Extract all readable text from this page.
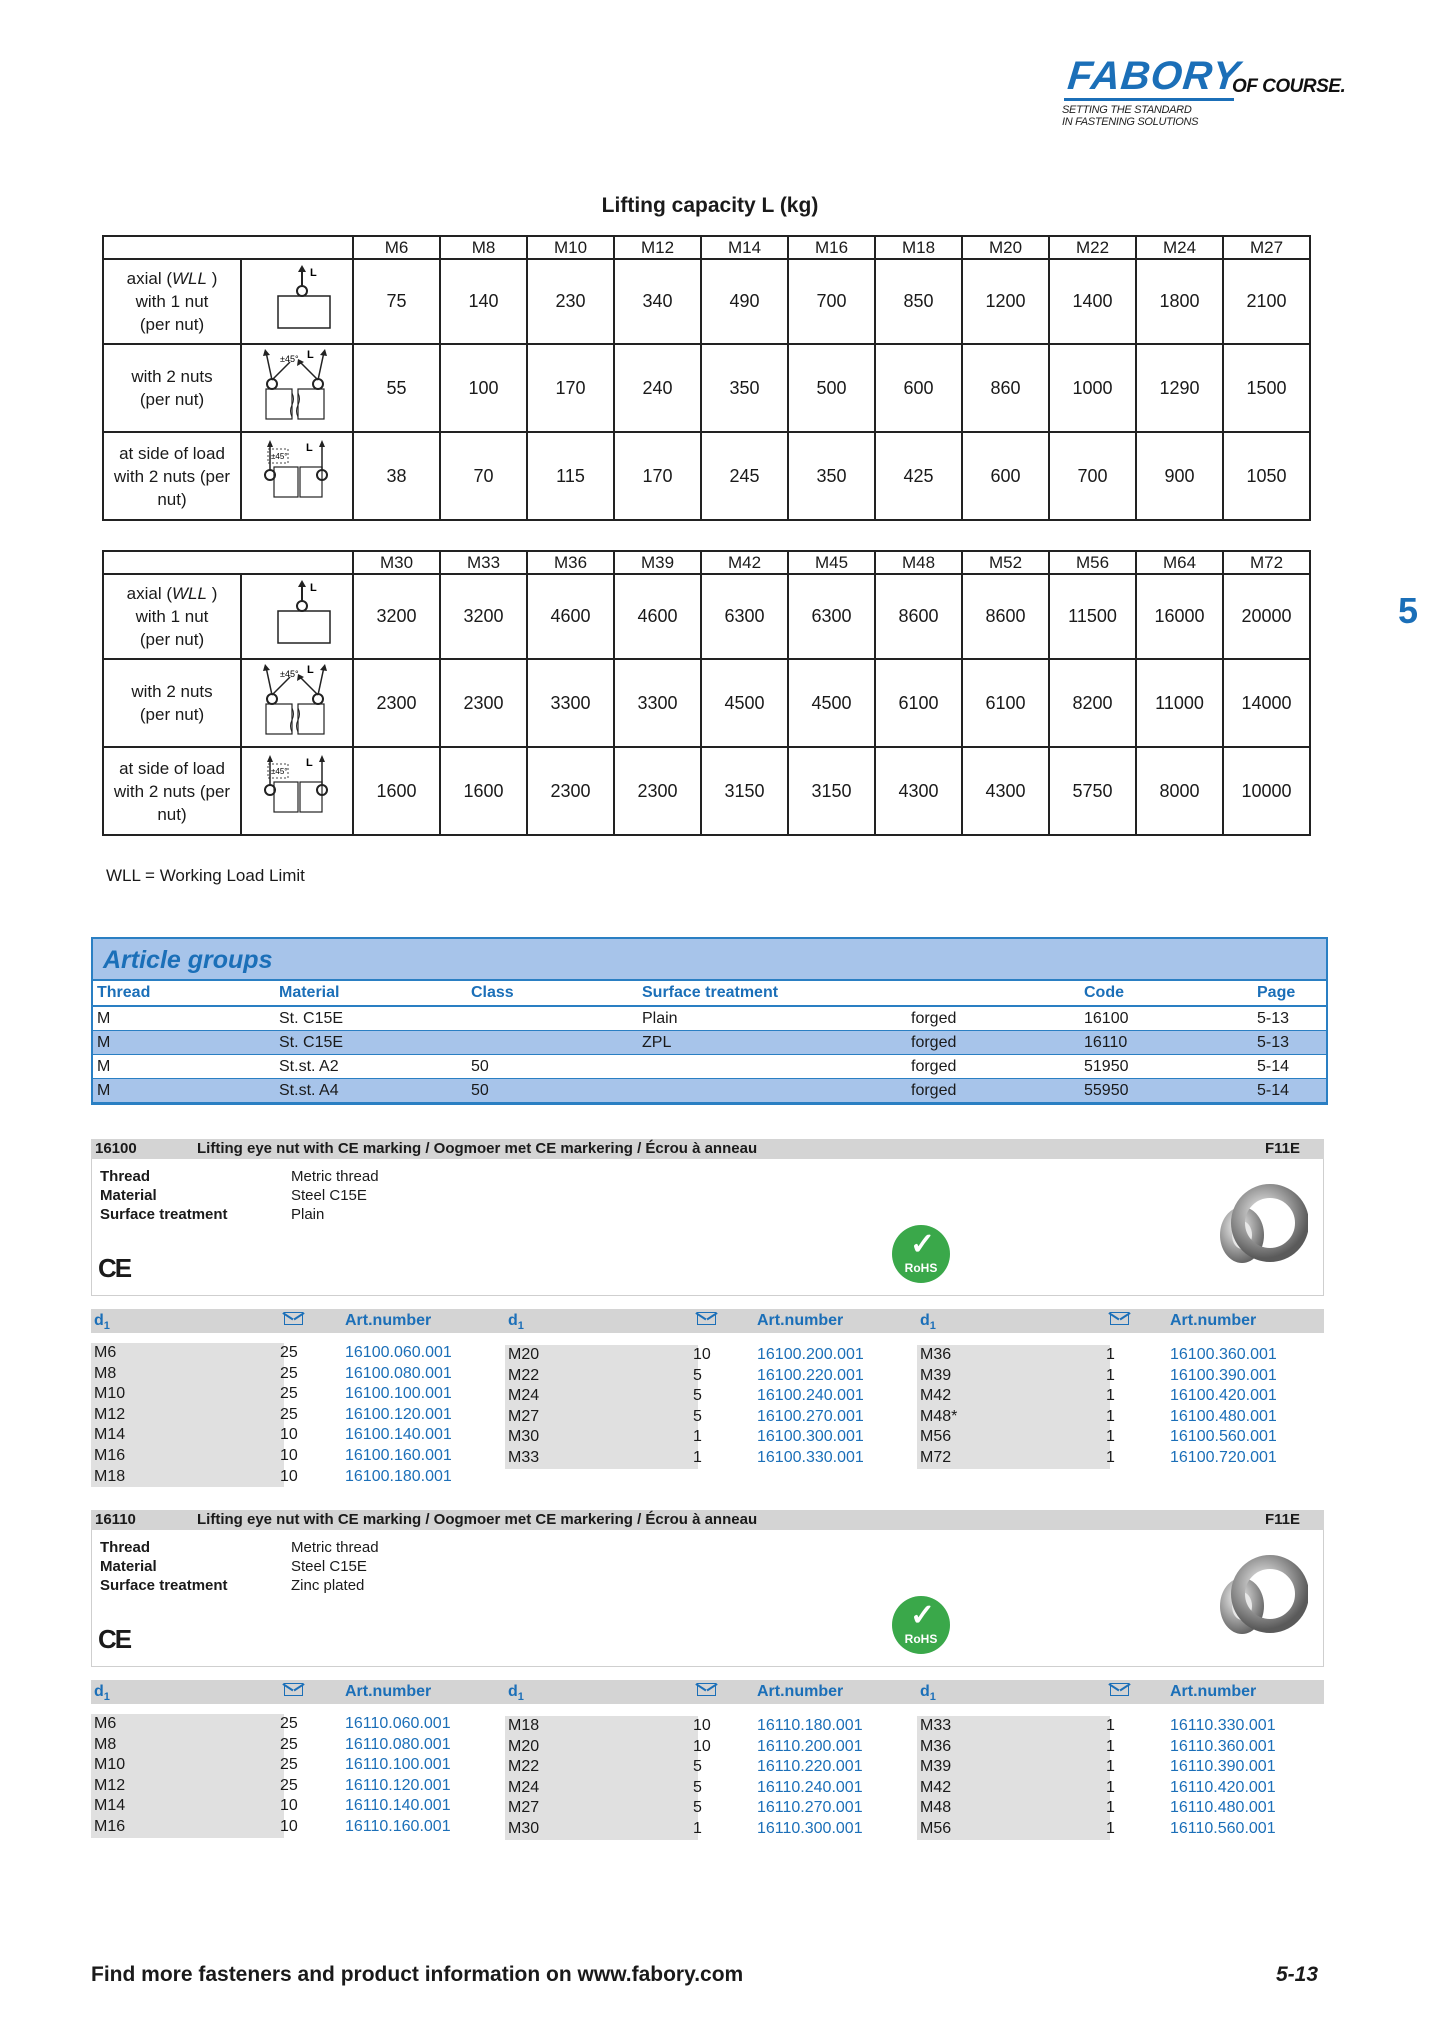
FABORY
OF COURSE.
SETTING THE STANDARD
IN FASTENING SOLUTIONS
5
Lifting capacity L (kg)
		M6	M8	M10	M12	M14	M16	M18	M20	M22	M24	M27
axial (WLL )
with 1 nut
(per nut)	L	75	140	230	340	490	700	850	1200	1400	1800	2100
with 2 nuts
(per nut)	±45° L	55	100	170	240	350	500	600	860	1000	1290	1500
at side of load
with 2 nuts (per
nut)	±45°
L	38	70	115	170	245	350	425	600	700	900	1050
		M30	M33	M36	M39	M42	M45	M48	M52	M56	M64	M72
axial (WLL )
with 1 nut
(per nut)	L	3200	3200	4600	4600	6300	6300	8600	8600	11500	16000	20000
with 2 nuts
(per nut)	±45° L	2300	2300	3300	3300	4500	4500	6100	6100	8200	11000	14000
at side of load
with 2 nuts (per
nut)	±45°
L	1600	1600	2300	2300	3150	3150	4300	4300	5750	8000	10000
WLL = Working Load Limit
Article groups
Thread	Material	Class	Surface treatment		Code	Page
M	St. C15E		Plain	forged	16100	5-13
M	St. C15E		ZPL	forged	16110	5-13
M	St.st. A2	50		forged	51950	5-14
M	St.st. A4	50		forged	55950	5-14
16100	Lifting eye nut with CE marking / Oogmoer met CE markering / Écrou à anneau	F11E
Thread	Metric thread
Material	Steel C15E
Surface treatment	Plain
CE
✓
RoHS
$d_1$	Art.number	$d_1$	Art.number	$d_1$	Art.number
M6	25	16100.060.001
M8	25	16100.080.001
M10	25	16100.100.001
M12	25	16100.120.001
M14	10	16100.140.001
M16	10	16100.160.001
M18	10	16100.180.001
M20	10	16100.200.001
M22	5	16100.220.001
M24	5	16100.240.001
M27	5	16100.270.001
M30	1	16100.300.001
M33	1	16100.330.001
M36	1	16100.360.001
M39	1	16100.390.001
M42	1	16100.420.001
M48*	1	16100.480.001
M56	1	16100.560.001
M72	1	16100.720.001
16110	Lifting eye nut with CE marking / Oogmoer met CE markering / Écrou à anneau	F11E
Thread	Metric thread
Material	Steel C15E
Surface treatment	Zinc plated
CE
✓
RoHS
$d_1$	Art.number	$d_1$	Art.number	$d_1$	Art.number
M6	25	16110.060.001
M8	25	16110.080.001
M10	25	16110.100.001
M12	25	16110.120.001
M14	10	16110.140.001
M16	10	16110.160.001
M18	10	16110.180.001
M20	10	16110.200.001
M22	5	16110.220.001
M24	5	16110.240.001
M27	5	16110.270.001
M30	1	16110.300.001
M33	1	16110.330.001
M36	1	16110.360.001
M39	1	16110.390.001
M42	1	16110.420.001
M48	1	16110.480.001
M56	1	16110.560.001
Find more fasteners and product information on www.fabory.com	5-13
